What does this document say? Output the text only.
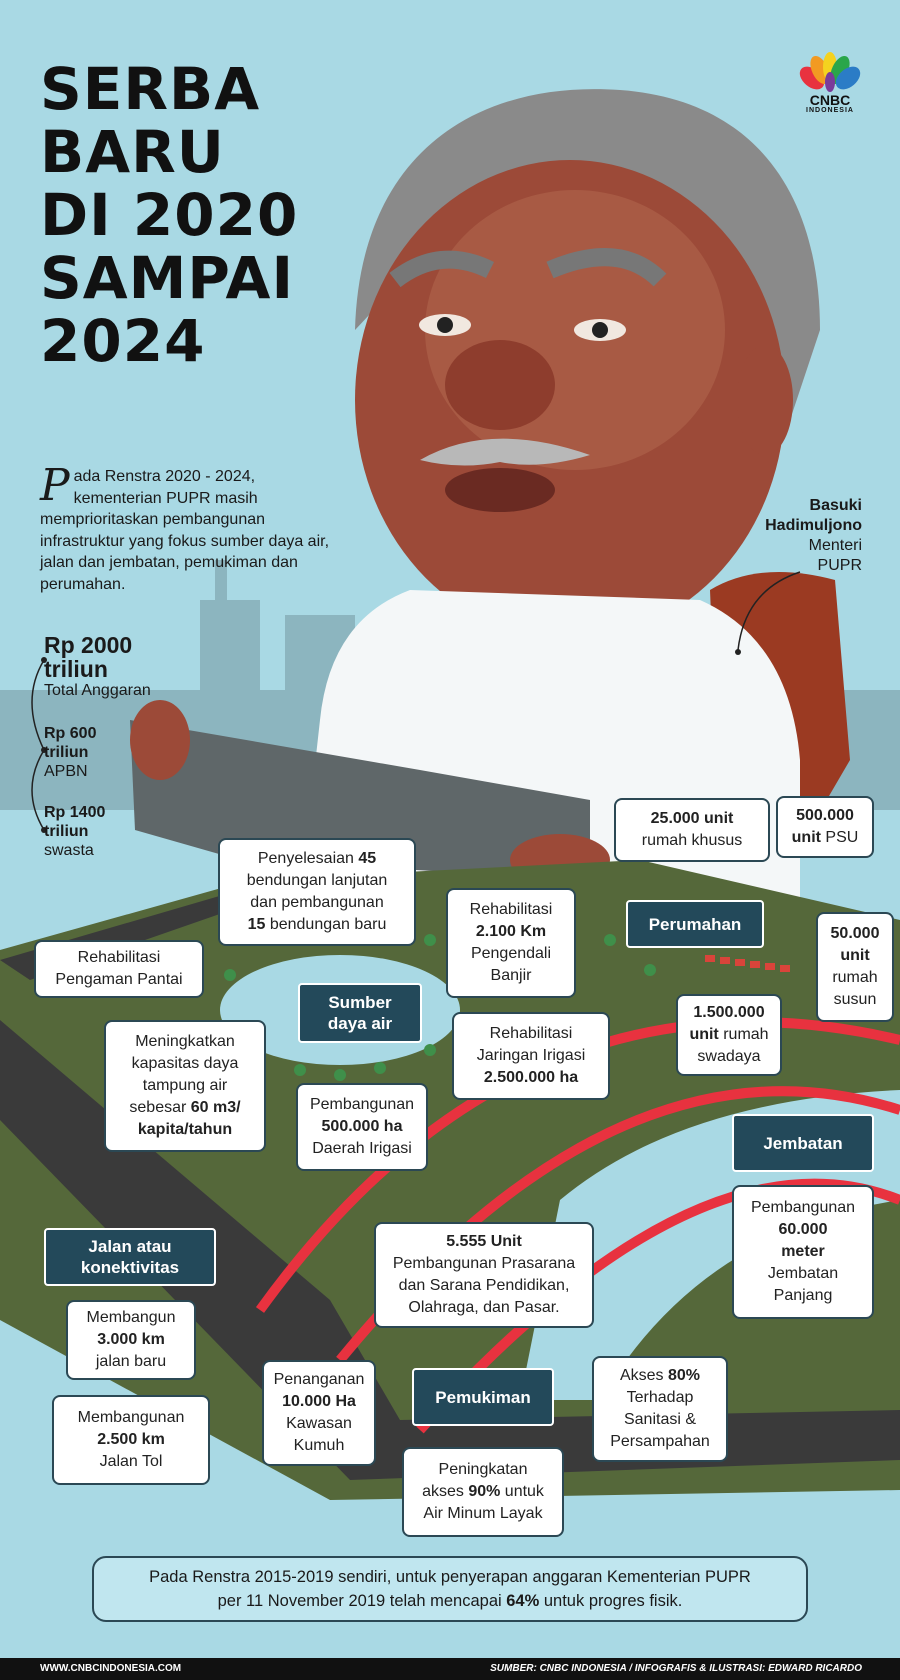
SERBA
BARU
DI 2020
SAMPAI
2024
CNBC
INDONESIA
Pada Renstra 2020 - 2024, kementerian PUPR masih memprioritaskan pembangunan infrastruktur yang fokus sumber daya air, jalan dan jembatan, pemukiman dan perumahan.
Rp 2000
triliun
Total Anggaran
Rp 600
triliun
APBN
Rp 1400
triliun
swasta
Basuki
Hadimuljono
Menteri
PUPR
Penyelesaian 45
bendungan lanjutan
dan pembangunan
15 bendungan baru
Rehabilitasi
2.100 Km
Pengendali
Banjir
Rehabilitasi
Pengaman Pantai
Sumber
daya air
Meningkatkan
kapasitas daya
tampung air
sebesar 60 m3/
kapita/tahun
Rehabilitasi
Jaringan Irigasi
2.500.000 ha
Pembangunan
500.000 ha
Daerah Irigasi
25.000 unit
rumah khusus
500.000
unit PSU
Perumahan	50.000
unit
rumah
susun
1.500.000
unit rumah
swadaya
Jembatan
Pembangunan
60.000
meter
Jembatan
Panjang
Jalan atau
konektivitas
Membangun
3.000 km
jalan baru
Membangunan
2.500 km
Jalan Tol
5.555 Unit
Pembangunan Prasarana
dan Sarana Pendidikan,
Olahraga, dan Pasar.
Penanganan
10.000 Ha
Kawasan
Kumuh
Pemukiman
Akses 80%
Terhadap
Sanitasi &
Persampahan
Peningkatan
akses 90% untuk
Air Minum Layak
Pada Renstra 2015-2019 sendiri, untuk penyerapan anggaran Kementerian PUPR
per 11 November 2019 telah mencapai 64% untuk progres fisik.
WWW.CNBCINDONESIA.COM	SUMBER: CNBC INDONESIA / INFOGRAFIS & ILUSTRASI: EDWARD RICARDO
